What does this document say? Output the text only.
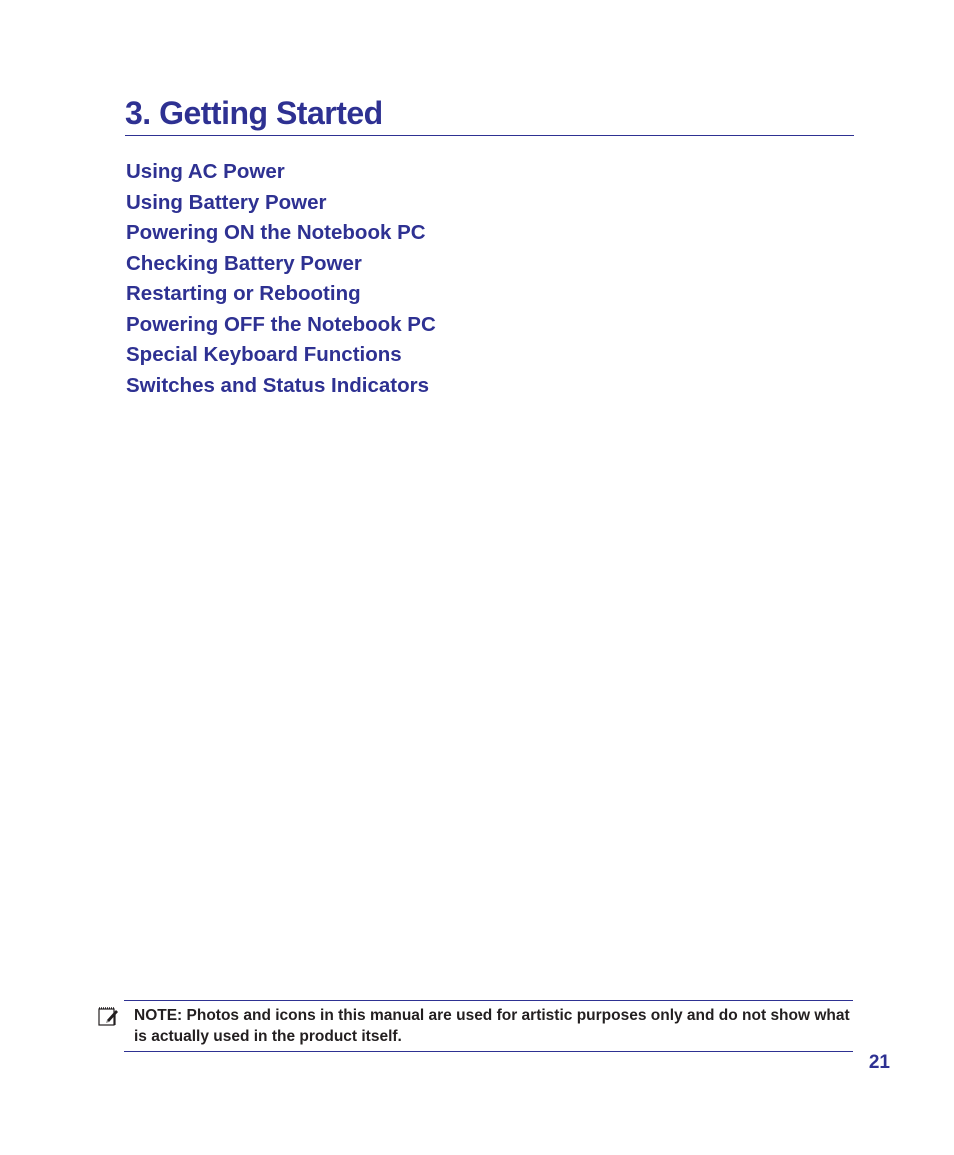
3. Getting Started
Using AC Power
Using Battery Power
Powering ON the Notebook PC
Checking Battery Power
Restarting or Rebooting
Powering OFF the Notebook PC
Special Keyboard Functions
Switches and Status Indicators
NOTE: Photos and icons in this manual are used for artistic purposes only and do not show what is actually used in the product itself.
21
